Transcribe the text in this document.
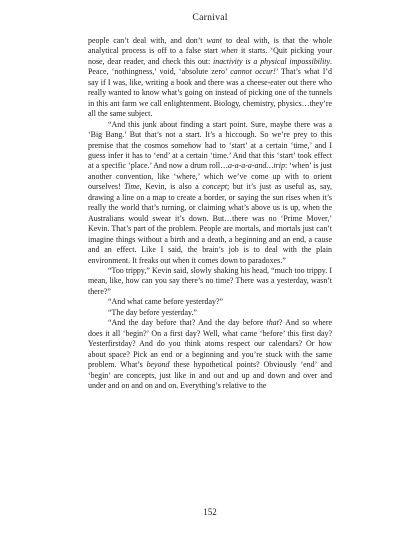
Carnival

people can’t deal with, and don’t want to deal with, is that the whole analytical process is off to a false start when it starts. ‘Quit picking your nose, dear reader, and check this out: inactivity is a physical impossibility. Peace, ‘nothingness,’ void, ‘absolute zero’ cannot occur!’ That’s what I’d say if I was, like, writing a book and there was a cheese-eater out there who really wanted to know what’s going on instead of picking one of the tunnels in this ant farm we call enlightenment. Biology, chemistry, physics…they’re all the same subject.

“And this junk about finding a start point. Sure, maybe there was a ‘Big Bang.’ But that’s not a start. It’s a hiccough. So we’re prey to this premise that the cosmos somehow had to ‘start’ at a certain ‘time,’ and I guess infer it has to ‘end’ at a certain ‘time.’ And that this ‘start’ took effect at a specific ‘place.’ And now a drum roll…a-a-a-a-and…trip: ‘when’ is just another convention, like ‘where,’ which we’ve come up with to orient ourselves! Time, Kevin, is also a concept; but it’s just as useful as, say, drawing a line on a map to create a border, or saying the sun rises when it’s really the world that’s turning, or claiming what’s above us is up, when the Australians would swear it’s down. But…there was no ‘Prime Mover,’ Kevin. That’s part of the problem. People are mortals, and mortals just can’t imagine things without a birth and a death, a beginning and an end, a cause and an effect. Like I said, the brain’s job is to deal with the plain environment. It freaks out when it comes down to paradoxes.”

“Too trippy,” Kevin said, slowly shaking his head, “much too trippy. I mean, like, how can you say there’s no time? There was a yesterday, wasn’t there?”

“And what came before yesterday?”

“The day before yesterday.”

“And the day before that? And the day before that? And so where does it all ‘begin?’ On a first day? Well, what came ‘before’ this first day? Yesterfirstday? And do you think atoms respect our calendars? Or how about space? Pick an end or a beginning and you’re stuck with the same problem. What’s beyond these hypothetical points? Obviously ‘end’ and ‘begin’ are concepts, just like in and out and up and down and over and under and on and on and on. Everything’s relative to the

152
